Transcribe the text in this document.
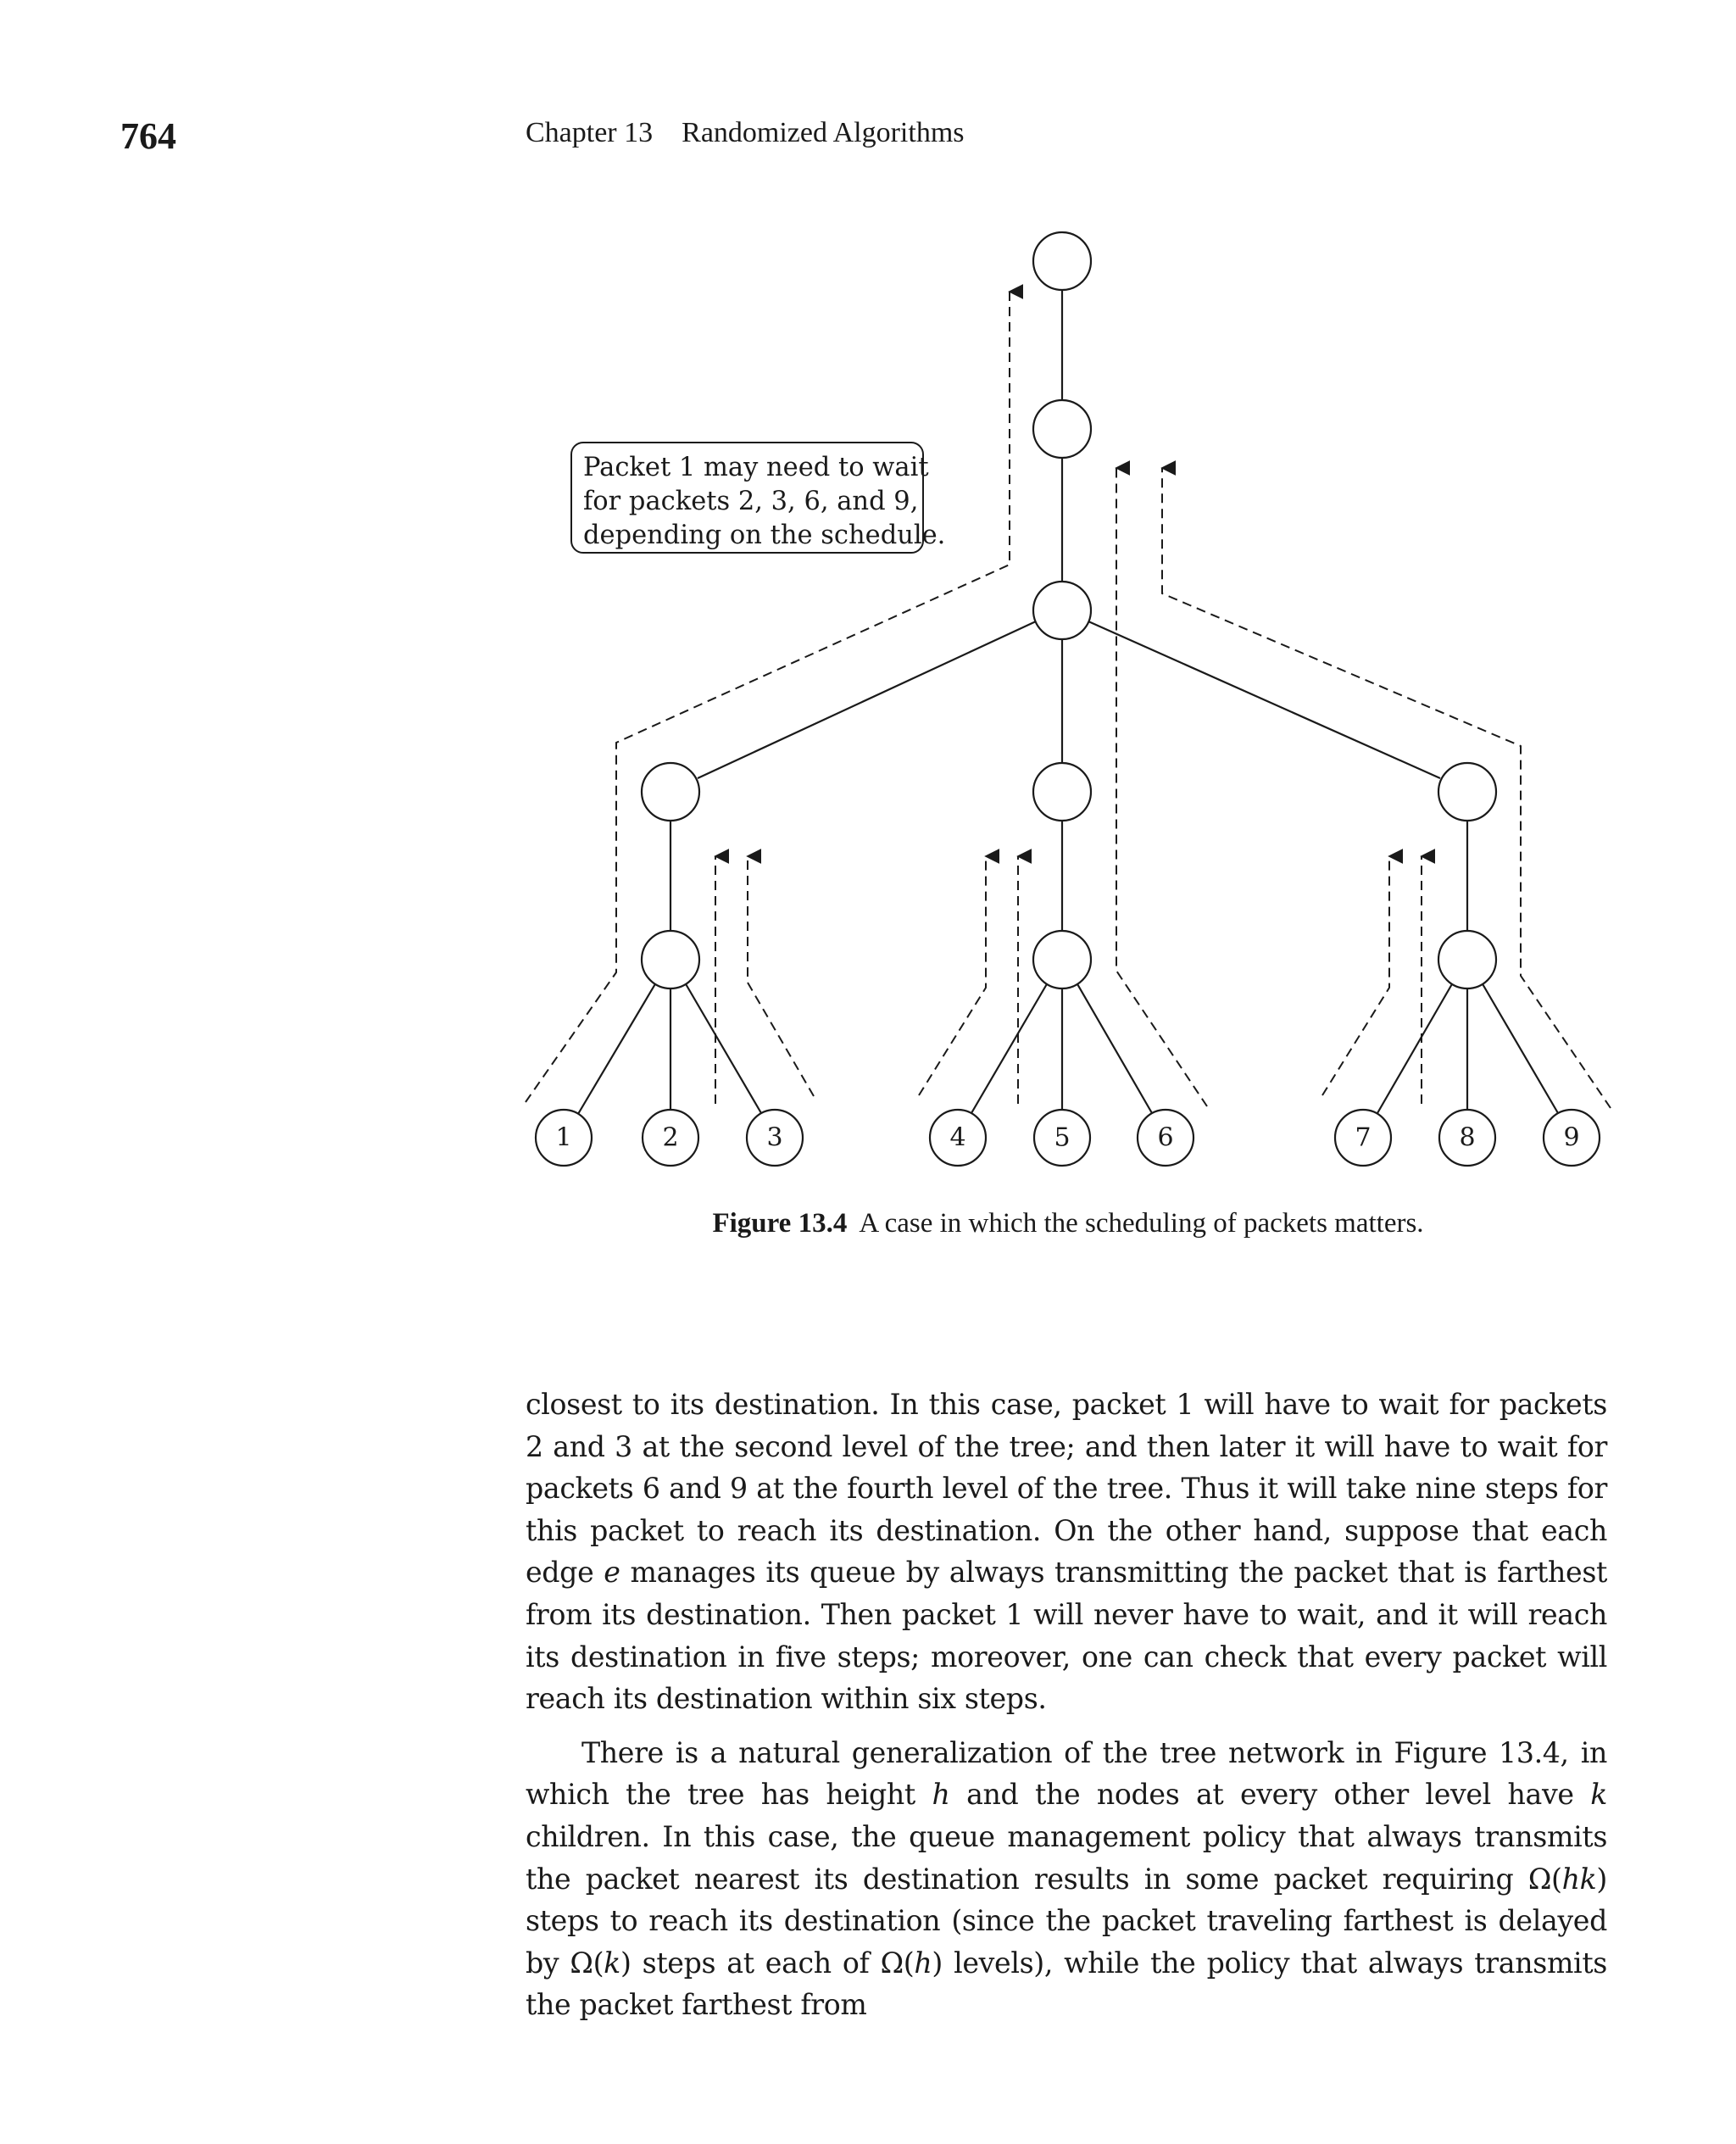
764	Chapter 13 Randomized Algorithms
1	2	3	4	5	6	7	8	9
Packet 1 may need to wait
for packets 2, 3, 6, and 9,
depending on the schedule.
Figure 13.4 A case in which the scheduling of packets matters.

closest to its destination. In this case, packet 1 will have to wait for packets 2 and 3 at the second level of the tree; and then later it will have to wait for packets 6 and 9 at the fourth level of the tree. Thus it will take nine steps for this packet to reach its destination. On the other hand, suppose that each edge e manages its queue by always transmitting the packet that is farthest from its destination. Then packet 1 will never have to wait, and it will reach its destination in five steps; moreover, one can check that every packet will reach its destination within six steps.

There is a natural generalization of the tree network in Figure 13.4, in which the tree has height h and the nodes at every other level have k children. In this case, the queue management policy that always transmits the packet nearest its destination results in some packet requiring Ω(hk) steps to reach its destination (since the packet traveling farthest is delayed by Ω(k) steps at each of Ω(h) levels), while the policy that always transmits the packet farthest from
